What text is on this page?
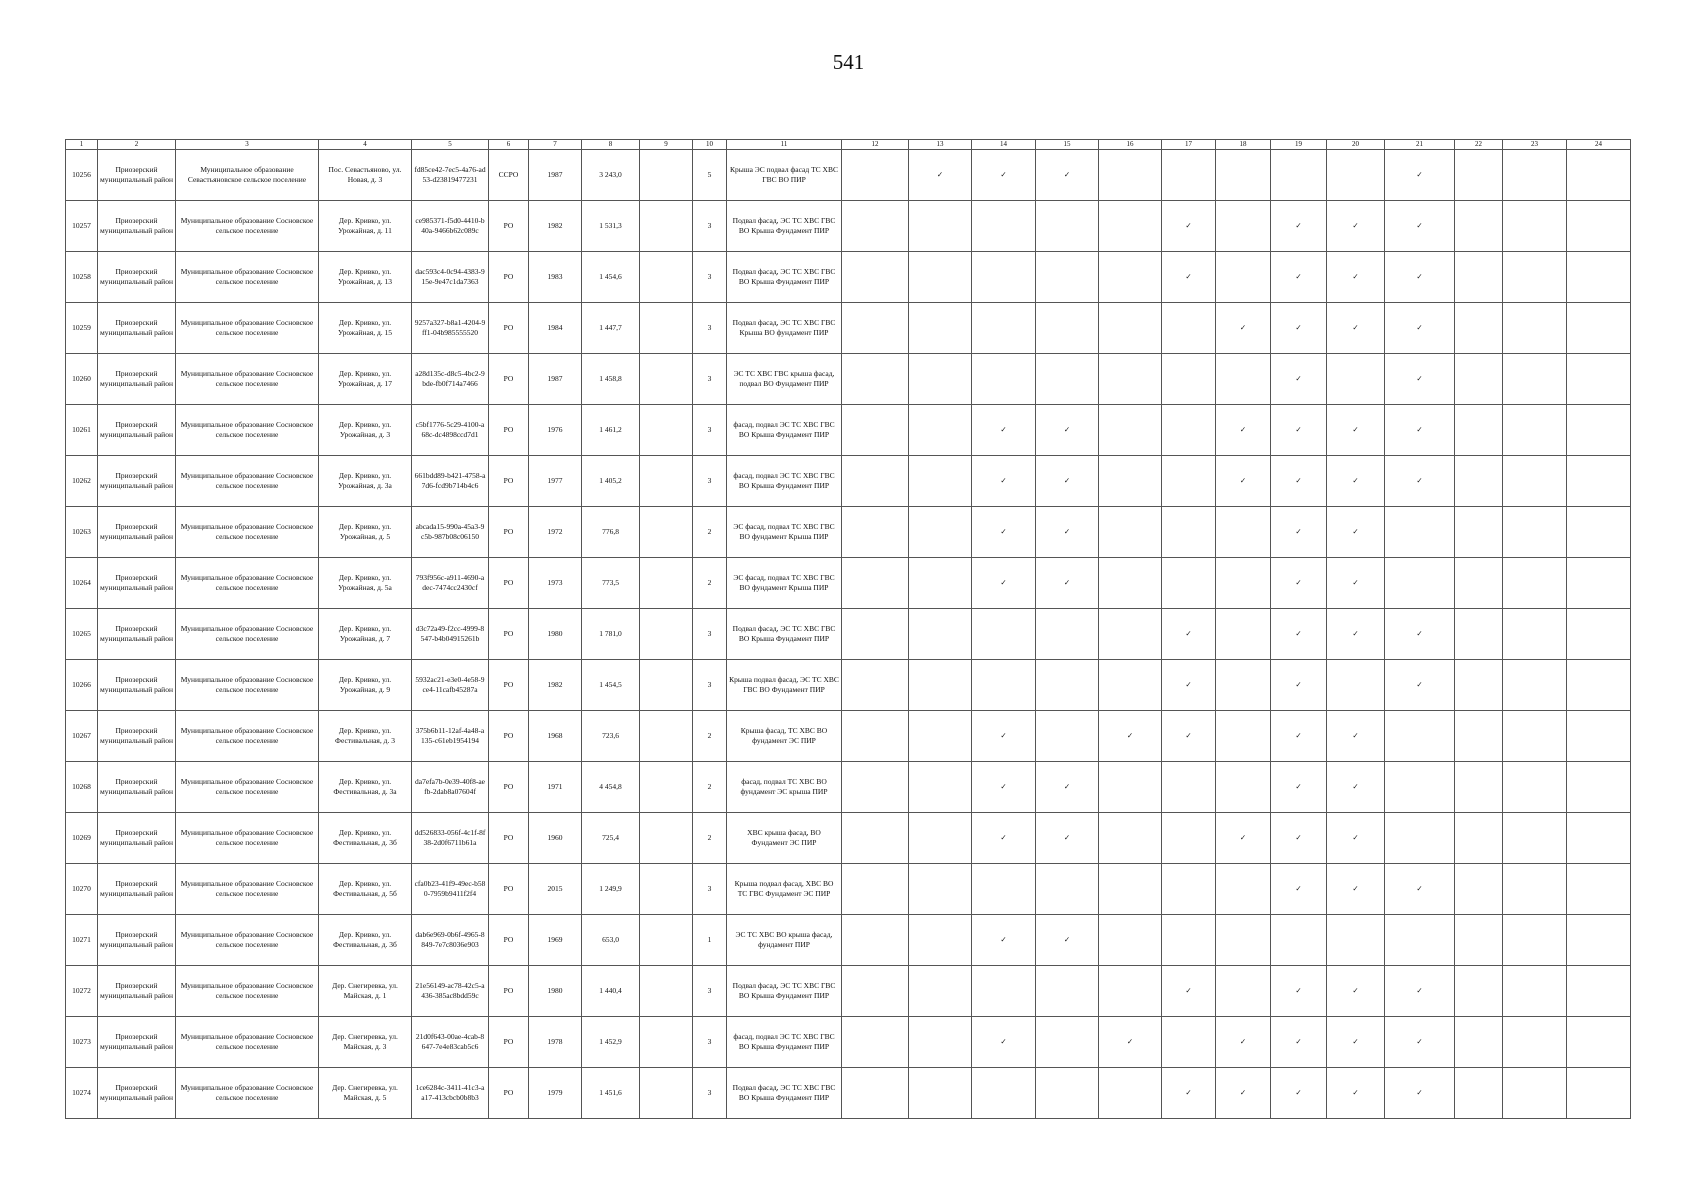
541
1	2	3	4	5	6	7	8	9	10	11	12	13	14	15	16	17	18	19	20	21	22	23	24
10256	Приозерский муниципальный район	Муниципальное образование Севастьяновское сельское поселение	Пос. Севастьяново, ул. Новая, д. 3	fd85ce42-7ec5-4a76-ad53-d23819477231	ССРО	1987	3 243,0		5	Крыша ЭС подвал фасад ТС ХВС ГВС ВО ПИР		✓	✓	✓						✓			
10257	Приозерский муниципальный район	Муниципальное образование Сосновское сельское поселение	Дер. Кривко, ул. Урожайная, д. 11	ce985371-f5d0-4410-b40a-9466b62c089c	РО	1982	1 531,3		3	Подвал фасад, ЭС ТС ХВС ГВС ВО Крыша Фундамент ПИР						✓		✓	✓	✓			
10258	Приозерский муниципальный район	Муниципальное образование Сосновское сельское поселение	Дер. Кривко, ул. Урожайная, д. 13	dac593c4-0c94-4383-915e-9e47c1da7363	РО	1983	1 454,6		3	Подвал фасад, ЭС ТС ХВС ГВС ВО Крыша Фундамент ПИР						✓		✓	✓	✓			
10259	Приозерский муниципальный район	Муниципальное образование Сосновское сельское поселение	Дер. Кривко, ул. Урожайная, д. 15	9257a327-b8a1-4204-9ff1-04b985555520	РО	1984	1 447,7		3	Подвал фасад, ЭС ТС ХВС ГВС Крыша ВО фундамент ПИР							✓	✓	✓	✓			
10260	Приозерский муниципальный район	Муниципальное образование Сосновское сельское поселение	Дер. Кривко, ул. Урожайная, д. 17	a28d135c-d8c5-4bc2-9bde-fb0f714a7466	РО	1987	1 458,8		3	ЭС ТС ХВС ГВС крыша фасад, подвал ВО Фундамент ПИР								✓		✓			
10261	Приозерский муниципальный район	Муниципальное образование Сосновское сельское поселение	Дер. Кривко, ул. Урожайная, д. 3	c5bf1776-5c29-4100-a68c-dc4898ccd7d1	РО	1976	1 461,2		3	фасад, подвал ЭС ТС ХВС ГВС ВО Крыша Фундамент ПИР			✓	✓			✓	✓	✓	✓			
10262	Приозерский муниципальный район	Муниципальное образование Сосновское сельское поселение	Дер. Кривко, ул. Урожайная, д. 3а	661bdd89-b421-4758-a7d6-fcd9b714b4c6	РО	1977	1 405,2		3	фасад, подвал ЭС ТС ХВС ГВС ВО Крыша Фундамент ПИР			✓	✓			✓	✓	✓	✓			
10263	Приозерский муниципальный район	Муниципальное образование Сосновское сельское поселение	Дер. Кривко, ул. Урожайная, д. 5	abcada15-990a-45a3-9c5b-987b08c06150	РО	1972	776,8		2	ЭС фасад, подвал ТС ХВС ГВС ВО фундамент Крыша ПИР			✓	✓				✓	✓				
10264	Приозерский муниципальный район	Муниципальное образование Сосновское сельское поселение	Дер. Кривко, ул. Урожайная, д. 5а	793f956c-a911-4690-adec-7474cc2430cf	РО	1973	773,5		2	ЭС фасад, подвал ТС ХВС ГВС ВО фундамент Крыша ПИР			✓	✓				✓	✓				
10265	Приозерский муниципальный район	Муниципальное образование Сосновское сельское поселение	Дер. Кривко, ул. Урожайная, д. 7	d3c72a49-f2cc-4999-8547-b4b04915261b	РО	1980	1 781,0		3	Подвал фасад, ЭС ТС ХВС ГВС ВО Крыша Фундамент ПИР						✓		✓	✓	✓			
10266	Приозерский муниципальный район	Муниципальное образование Сосновское сельское поселение	Дер. Кривко, ул. Урожайная, д. 9	5932ac21-e3e0-4e58-9ce4-11cafb45287a	РО	1982	1 454,5		3	Крыша подвал фасад, ЭС ТС ХВС ГВС ВО Фундамент ПИР						✓		✓		✓			
10267	Приозерский муниципальный район	Муниципальное образование Сосновское сельское поселение	Дер. Кривко, ул. Фестивальная, д. 3	375b6b11-12af-4a48-a135-c61eb1954194	РО	1968	723,6		2	Крыша фасад, ТС ХВС ВО фундамент ЭС ПИР			✓		✓	✓		✓	✓				
10268	Приозерский муниципальный район	Муниципальное образование Сосновское сельское поселение	Дер. Кривко, ул. Фестивальная, д. 3а	da7efa7b-0e39-40f8-aefb-2dab8a07604f	РО	1971	4 454,8		2	фасад, подвал ТС ХВС ВО фундамент ЭС крыша ПИР			✓	✓				✓	✓				
10269	Приозерский муниципальный район	Муниципальное образование Сосновское сельское поселение	Дер. Кривко, ул. Фестивальная, д. 3б	dd526833-056f-4c1f-8f38-2d0f6711b61a	РО	1960	725,4		2	ХВС крыша фасад, ВО Фундамент ЭС ПИР			✓	✓			✓	✓	✓				
10270	Приозерский муниципальный район	Муниципальное образование Сосновское сельское поселение	Дер. Кривко, ул. Фестивальная, д. 5б	cfa0b23-41f9-49ec-b580-7959b9411f2f4	РО	2015	1 249,9		3	Крыша подвал фасад, ХВС ВО ТС ГВС Фундамент ЭС ПИР								✓	✓	✓			
10271	Приозерский муниципальный район	Муниципальное образование Сосновское сельское поселение	Дер. Кривко, ул. Фестивальная, д. 3б	dab6e969-0b6f-4965-8849-7e7c8036e903	РО	1969	653,0		1	ЭС ТС ХВС ВО крыша фасад, фундамент ПИР			✓	✓									
10272	Приозерский муниципальный район	Муниципальное образование Сосновское сельское поселение	Дер. Снегиревка, ул. Майская, д. 1	21e56149-ac78-42c5-a436-385ac8bdd59c	РО	1980	1 440,4		3	Подвал фасад, ЭС ТС ХВС ГВС ВО Крыша Фундамент ПИР						✓		✓	✓	✓			
10273	Приозерский муниципальный район	Муниципальное образование Сосновское сельское поселение	Дер. Снегиревка, ул. Майская, д. 3	21d0f643-00ae-4cab-8647-7e4e83cab5c6	РО	1978	1 452,9		3	фасад, подвал ЭС ТС ХВС ГВС ВО Крыша Фундамент ПИР			✓		✓		✓	✓	✓	✓			
10274	Приозерский муниципальный район	Муниципальное образование Сосновское сельское поселение	Дер. Снегиревка, ул. Майская, д. 5	1ce6284c-3411-41c3-aa17-413cbcb0b8b3	РО	1979	1 451,6		3	Подвал фасад, ЭС ТС ХВС ГВС ВО Крыша Фундамент ПИР						✓	✓	✓	✓	✓			
